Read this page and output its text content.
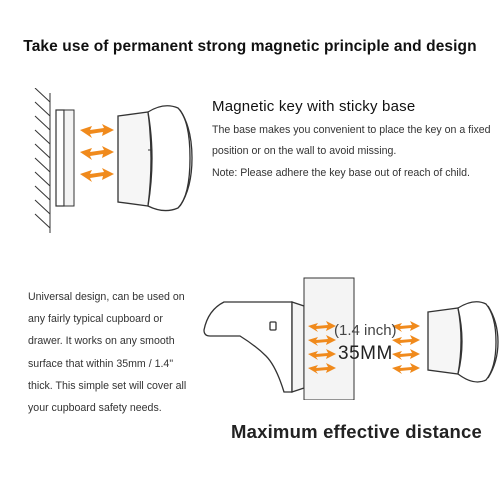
Take use of permanent strong magnetic principle and design
Magnetic key with sticky base
The base makes you convenient to place the key on a fixed position or on the wall to avoid missing.
Note: Please adhere the key base out of reach of child.
Universal design, can be used on any fairly typical cupboard or drawer. It works on any smooth surface that within 35mm / 1.4" thick. This simple set will cover all your cupboard safety needs.
(1.4 inch)
35MM
Maximum effective distance
